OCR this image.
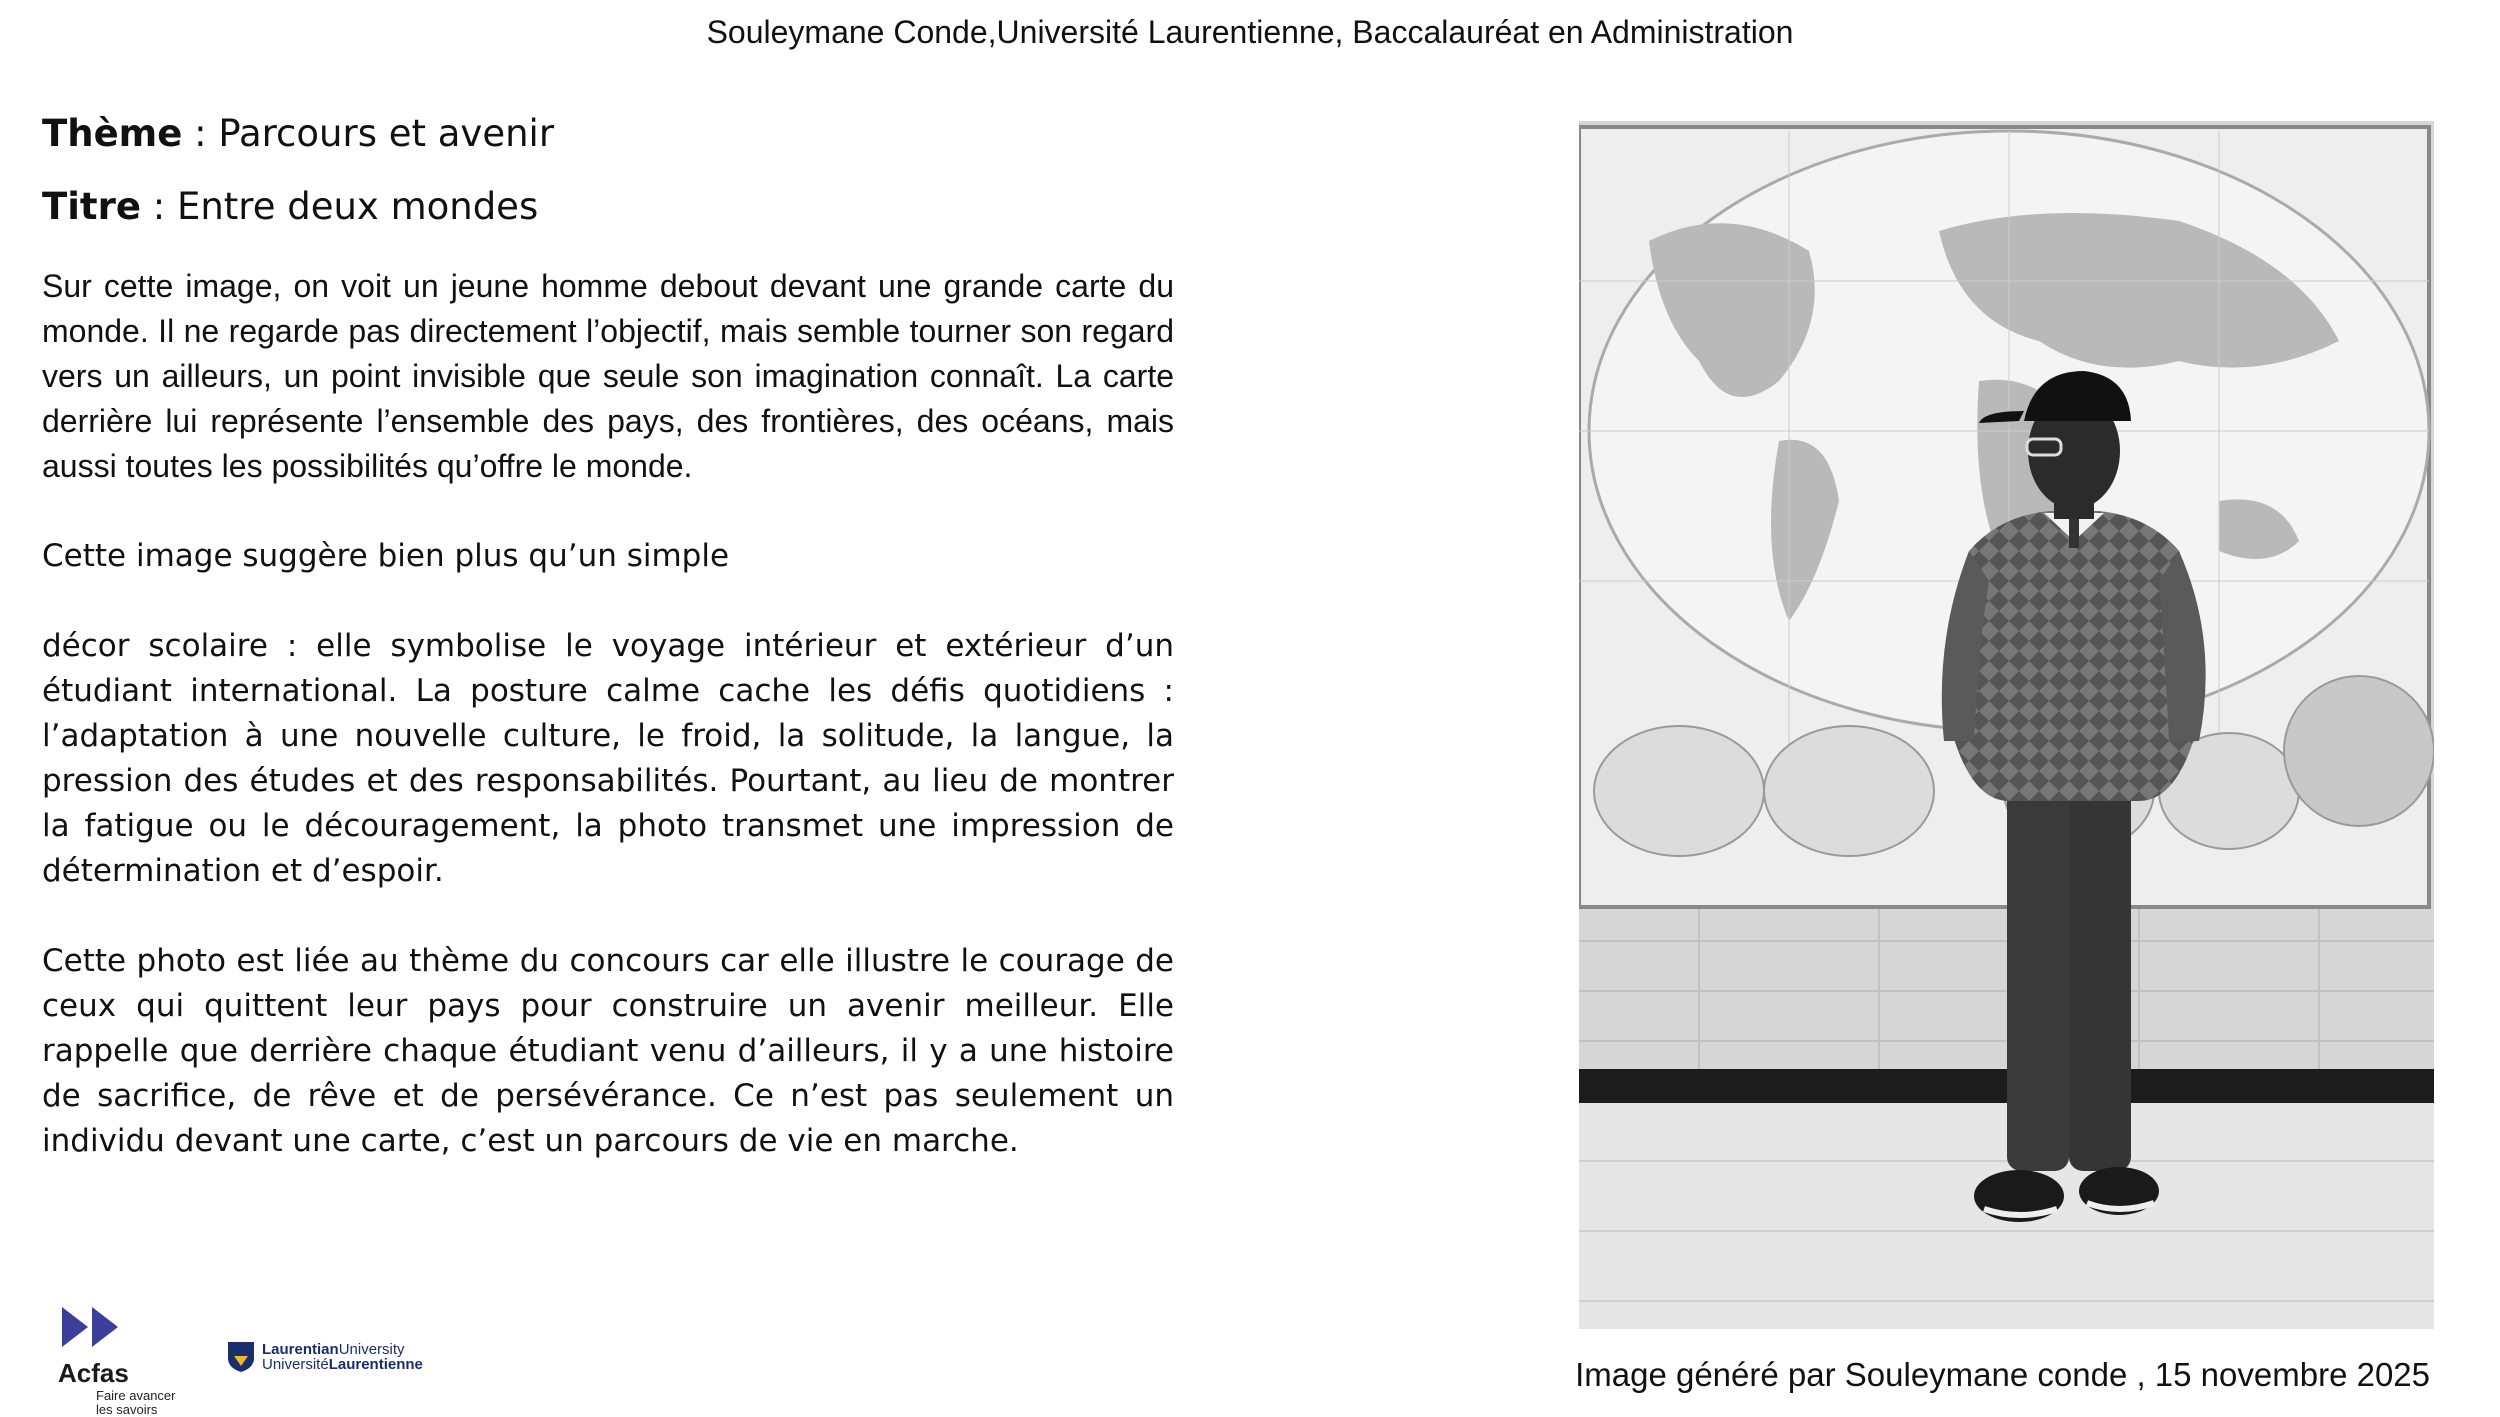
Souleymane Conde,Université Laurentienne, Baccalauréat en Administration

Thème : Parcours et avenir

Titre : Entre deux mondes

Sur cette image, on voit un jeune homme debout devant une grande carte du monde. Il ne regarde pas directement l’objectif, mais semble tourner son regard vers un ailleurs, un point invisible que seule son imagination connaît. La carte derrière lui représente l’ensemble des pays, des frontières, des océans, mais aussi toutes les possibilités qu’offre le monde.

Cette image suggère bien plus qu’un simple

décor scolaire : elle symbolise le voyage intérieur et extérieur d’un étudiant international. La posture calme cache les défis quotidiens : l’adaptation à une nouvelle culture, le froid, la solitude, la langue, la pression des études et des responsabilités. Pourtant, au lieu de montrer la fatigue ou le découragement, la photo transmet une impression de détermination et d’espoir.

Cette photo est liée au thème du concours car elle illustre le courage de ceux qui quittent leur pays pour construire un avenir meilleur. Elle rappelle que derrière chaque étudiant venu d’ailleurs, il y a une histoire de sacrifice, de rêve et de persévérance. Ce n’est pas seulement un individu devant une carte, c’est un parcours de vie en marche.

Image généré par Souleymane conde , 15 novembre 2025
Acfas
Faire avancer
les savoirs
LaurentianUniversity
UniversitéLaurentienne
